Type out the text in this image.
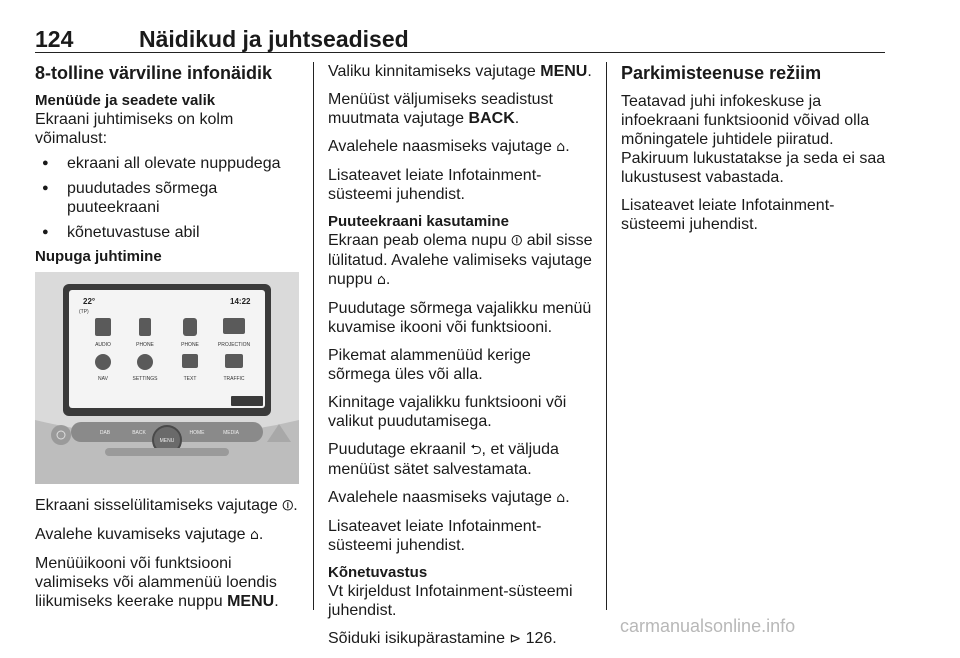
124	Näidikud ja juhtseadised
8-tolline värviline infonäidik
Menüüde ja seadete valik

Ekraani juhtimiseks on kolm võimalust:

● ekraani all olevate nuppudega
● puudutades sõrmega puuteekraani
● kõnetuvastuse abil
Nupuga juhtimine
22°
(TP)
14:22
AUDIO	PHONE	PHONE	PROJECTION
NAV	SETTINGS	TEXT	TRAFFIC
DAB	BACK	HOME	MEDIA
MENU

Ekraani sisselülitamiseks vajutage ⏼.

Avalehe kuvamiseks vajutage ⌂.

Menüüikooni või funktsiooni valimiseks või alammenüü loendis liikumiseks keerake nuppu MENU.

Valiku kinnitamiseks vajutage MENU.

Menüüst väljumiseks seadistust muutmata vajutage BACK.

Avalehele naasmiseks vajutage ⌂.

Lisateavet leiate Infotainment-süsteemi juhendist.

Puuteekraani kasutamine

Ekraan peab olema nupu ⏼ abil sisse lülitatud. Avalehe valimiseks vajutage nuppu ⌂.

Puudutage sõrmega vajalikku menüü kuvamise ikooni või funktsiooni.

Pikemat alammenüüd kerige sõrmega üles või alla.

Kinnitage vajalikku funktsiooni või valikut puudutamisega.

Puudutage ekraanil ⮌, et väljuda menüüst sätet salvestamata.

Avalehele naasmiseks vajutage ⌂.

Lisateavet leiate Infotainment-süsteemi juhendist.

Kõnetuvastus

Vt kirjeldust Infotainment-süsteemi juhendist.

Sõiduki isikupärastamine ⊳ 126.

Parkimisteenuse režiim

Teatavad juhi infokeskuse ja infoekraani funktsioonid võivad olla mõningatele juhtidele piiratud. Pakiruum lukustatakse ja seda ei saa lukustusest vabastada.

Lisateavet leiate Infotainment-süsteemi juhendist.

carmanualsonline.info
